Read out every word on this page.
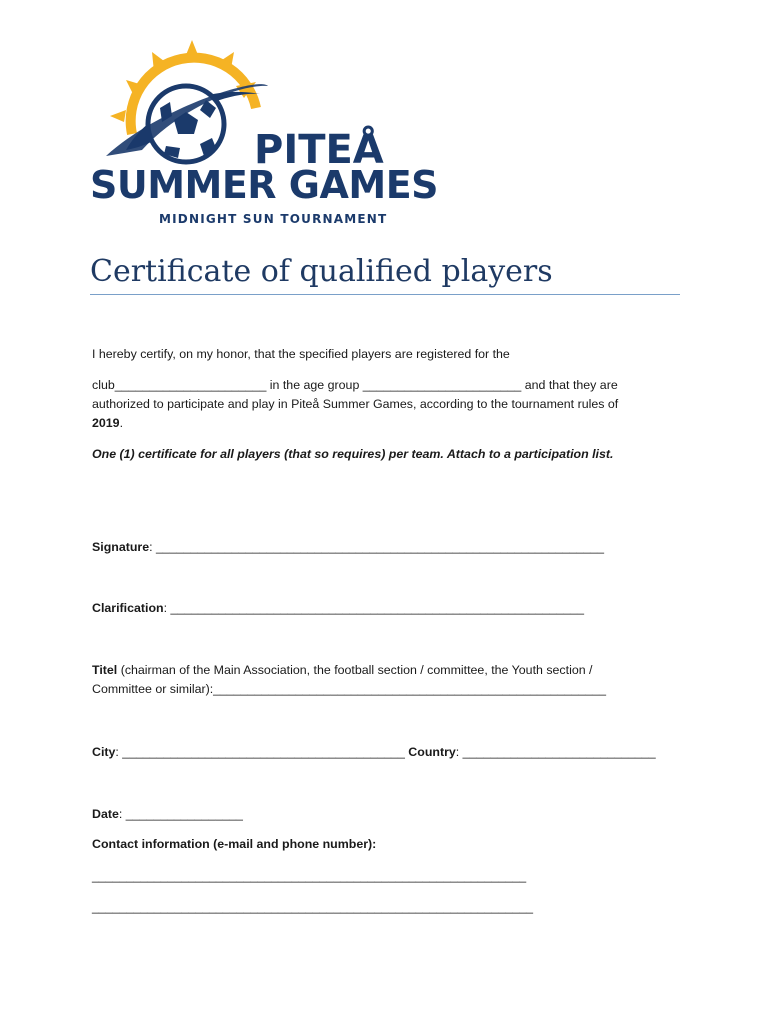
PITEÅ
SUMMER GAMES
MIDNIGHT SUN TOURNAMENT
Certificate of qualified players
I hereby certify, on my honor, that the specified players are registered for the
club______________________ in the age group _______________________ and that they are
authorized to participate and play in Piteå Summer Games, according to the tournament rules of
2019.
One (1) certificate for all players (that so requires) per team. Attach to a participation list.
Signature: _________________________________________________________________
Clarification: ____________________________________________________________
Titel (chairman of the Main Association, the football section / committee, the Youth section /
Committee or similar):_________________________________________________________
City: _________________________________________ Country: ____________________________
Date: _________________
Contact information (e-mail and phone number):
_______________________________________________________________
________________________________________________________________
